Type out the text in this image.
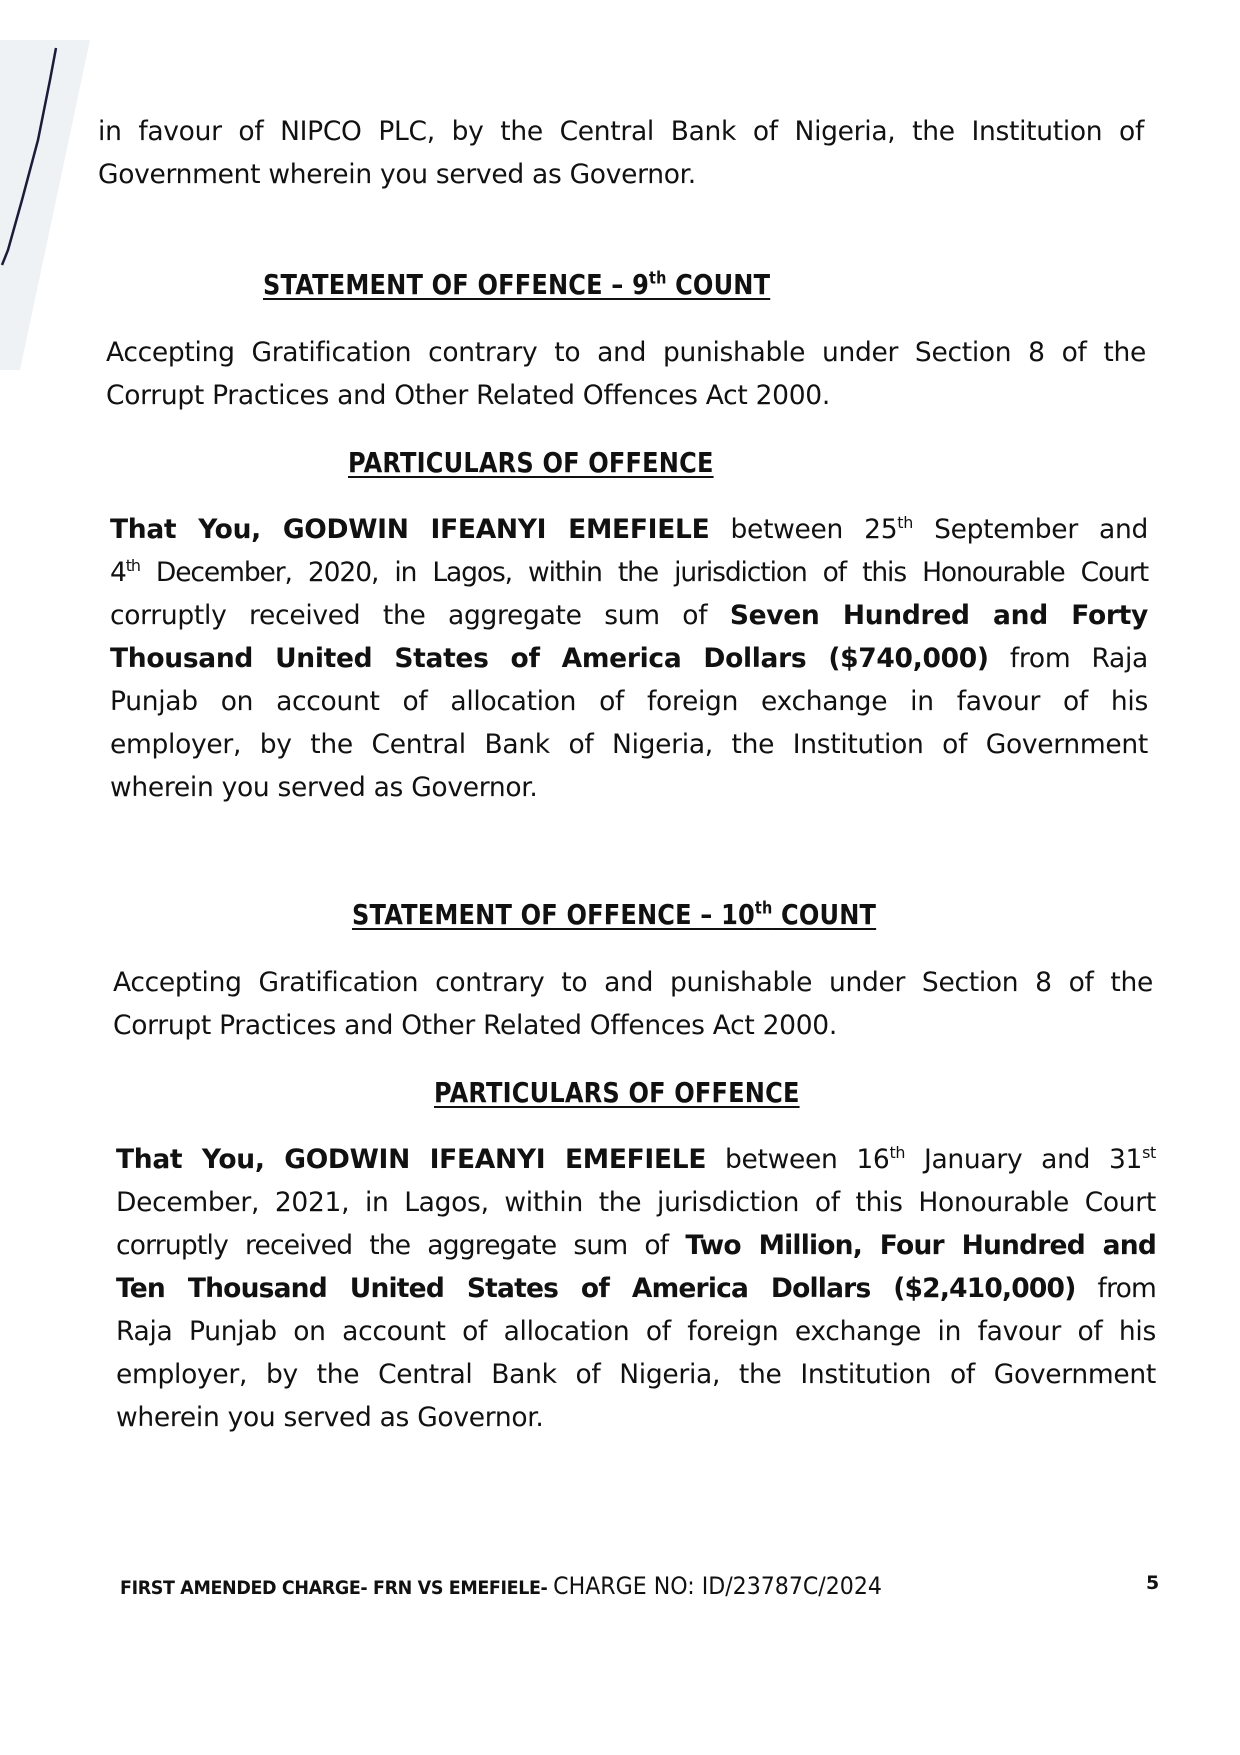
in favour of NIPCO PLC, by the Central Bank of Nigeria, the Institution of
Government wherein you served as Governor.
STATEMENT OF OFFENCE – 9th COUNT
Accepting Gratification contrary to and punishable under Section 8 of the
Corrupt Practices and Other Related Offences Act 2000.
PARTICULARS OF OFFENCE
That You, GODWIN IFEANYI EMEFIELE between 25th September and
4th December, 2020, in Lagos, within the jurisdiction of this Honourable Court
corruptly received the aggregate sum of Seven Hundred and Forty
Thousand United States of America Dollars ($740,000) from Raja
Punjab on account of allocation of foreign exchange in favour of his
employer, by the Central Bank of Nigeria, the Institution of Government
wherein you served as Governor.
STATEMENT OF OFFENCE – 10th COUNT
Accepting Gratification contrary to and punishable under Section 8 of the
Corrupt Practices and Other Related Offences Act 2000.
PARTICULARS OF OFFENCE
That You, GODWIN IFEANYI EMEFIELE between 16th January and 31st
December, 2021, in Lagos, within the jurisdiction of this Honourable Court
corruptly received the aggregate sum of Two Million, Four Hundred and
Ten Thousand United States of America Dollars ($2,410,000) from
Raja Punjab on account of allocation of foreign exchange in favour of his
employer, by the Central Bank of Nigeria, the Institution of Government
wherein you served as Governor.
FIRST AMENDED CHARGE- FRN VS EMEFIELE- CHARGE NO: ID/23787C/2024	5
